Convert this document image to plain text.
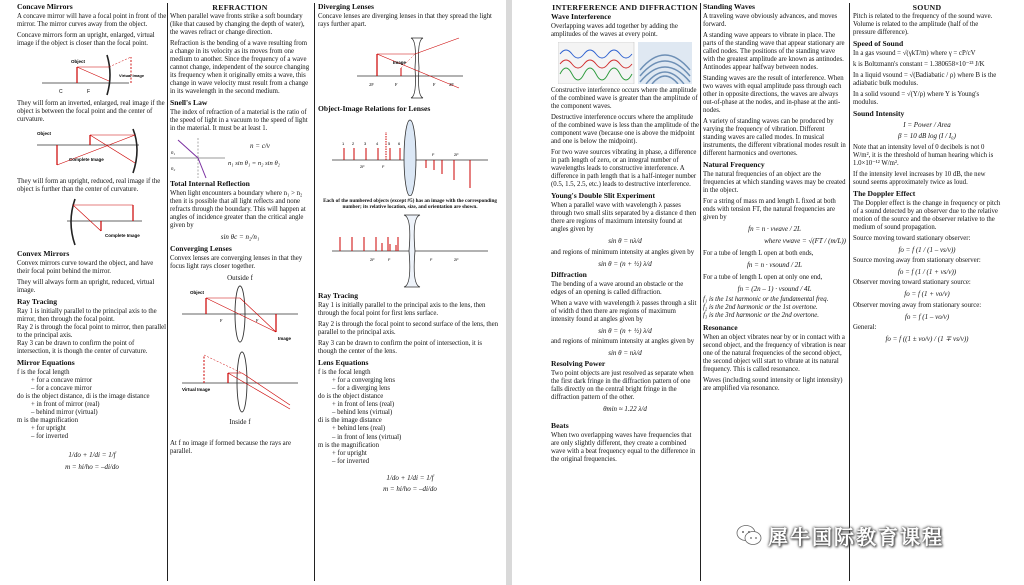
Concave Mirrors

A concave mirror will have a focal point in front of the mirror. The mirror curves away from the object.

Concave mirrors form an upright, enlarged, virtual image if the object is closer than the focal point.

C	F
Object
Virtual Image

They will form an inverted, enlarged, real image if the object is between the focal point and the center of curvature.

Object
Complete Image

They will form an upright, reduced, real image if the object is further than the center of curvature.

Complete Image
Convex Mirrors

Convex mirrors curve toward the object, and have their focal point behind the mirror.

They will always form an upright, reduced, virtual image.

Ray Tracing

Ray 1 is initially parallel to the principal axis to the mirror, then through the focal point.

Ray 2 is through the focal point to mirror, then parallel to the principal axis.

Ray 3 can be drawn to confirm the point of intersection, it is though the center of curvature.

Mirror Equations
f is the focal length
+ for a concave mirror
– for a concave mirror
do is the object distance, di is the image distance
+ in front of mirror (real)
– behind mirror (virtual)
m is the magnification
+ for upright
– for inverted
1/do + 1/di = 1/f
m = hi/ho = –di/do
REFRACTION

When parallel wave fronts strike a soft boundary (like that caused by changing the depth of water), the waves refract or change direction.

Refraction is the bending of a wave resulting from a change in its velocity as its moves from one medium to another. Since the frequency of a wave cannot change, independent of the source changing its frequency when it originally emits a wave, this change in wave velocity must result from a change in its wavelength in the second medium.

Snell's Law

The index of refraction of a material is the ratio of the speed of light in a vacuum to the speed of light in the material. It must be at least 1.

n₁
n₂
n = c/v
n₁ sin θ₁ = n₂ sin θ₂
Total Internal Reflection

When light encounters a boundary where n₁ > n₂ then it is possible that all light reflects and none refracts through the boundary. This will happen at angles of incidence greater than the critical angle given by

sin θc = n₂/n₁
Converging Lenses

Convex lenses are converging lenses in that they focus light rays closer together.

Outside f
F	F
Object
Image
Virtual Image
Inside f

At f no image if formed because the rays are parallel.

Diverging Lenses

Concave lenses are diverging lenses in that they spread the light rays further apart.

2F	F	F	2F
Image
Object-Image Relations for Lenses
1 2 3 4 5 6
2F	F
F	2F
Each of the numbered objects (except #5) has an image with the corresponding number; its relative location, size, and orientation are shown.
2F	F	F	2F
Ray Tracing

Ray 1 is initially parallel to the principal axis to the lens, then through the focal point for first lens surface.

Ray 2 is through the focal point to second surface of the lens, then parallel to the principal axis.

Ray 3 can be drawn to confirm the point of intersection, it is though the center of the lens.

Lens Equations
f is the focal length
+ for a converging lens
– for a diverging lens
do is the object distance
+ in front of lens (real)
– behind lens (virtual)
di is the image distance
+ behind lens (real)
– in front of lens (virtual)
m is the magnification
+ for upright
– for inverted
1/do + 1/di = 1/f
m = hi/ho = –di/do
INTERFERENCE AND DIFFRACTION
Wave Interference

Overlapping waves add together by adding the amplitudes of the waves at every point.

Constructive interference occurs where the amplitude of the combined wave is greater than the amplitude of the component waves.

Destructive interference occurs where the amplitude of the combined wave is less than the amplitude of the component wave (because one is above the midpoint and one is below the midpoint).

For two wave sources vibrating in phase, a difference in path length of zero, or an integral number of wavelengths leads to constructive interference. A difference in path length that is a half-integer number (0.5, 1.5, 2.5, etc.) leads to destructive interference.

Young's Double Slit Experiment

When a parallel wave with wavelength λ passes through two small slits separated by a distance d then there are regions of maximum intensity found at angles given by

sin θ = nλ/d

and regions of minimum intensity at angles given by

sin θ = (n + ½) λ/d
Diffraction

The bending of a wave around an obstacle or the edges of an opening is called diffraction.

When a wave with wavelength λ passes through a slit of width d then there are regions of maximum intensity found at angles given by

sin θ = (n + ½) λ/d

and regions of minimum intensity at angles given by

sin θ = nλ/d
Resolving Power

Two point objects are just resolved as separate when the first dark fringe in the diffraction pattern of one falls directly on the central bright fringe in the diffraction pattern of the other.

θmin ≈ 1.22 λ/d
Beats

When two overlapping waves have frequencies that are only slightly different, they create a combined wave with a beat frequency equal to the difference in the original frequencies.

Standing Waves

A traveling wave obviously advances, and moves forward.

A standing wave appears to vibrate in place. The parts of the standing wave that appear stationary are called nodes. The positions of the standing wave with the greatest amplitude are known as antinodes. Antinodes appear halfway between nodes.

Standing waves are the result of interference. When two waves with equal amplitude pass through each other in opposite directions, the waves are always out-of-phase at the nodes, and in-phase at the anti-nodes.

A variety of standing waves can be produced by varying the frequency of vibration. Different standing waves are called modes. In musical instruments, the different vibrational modes result in different harmonics and overtones.

Natural Frequency

The natural frequencies of an object are the frequencies at which standing waves may be created in the object.

For a string of mass m and length L fixed at both ends with tension FT, the natural frequencies are given by

fn = n · vwave / 2L
where vwave = √(FT / (m/L))

For a tube of length L open at both ends,

fn = n · vsound / 2L

For a tube of length L open at only one end,

fn = (2n – 1) · vsound / 4L
f₁ is the 1st harmonic or the fundamental freq.
f₂ is the 2nd harmonic or the 1st overtone.
f₃ is the 3rd harmonic or the 2nd overtone.
Resonance

When an object vibrates near by or in contact with a second object, and the frequency of vibration is near one of the natural frequencies of the second object, the second object will start to vibrate at its natural frequency. This is called resonance.

Waves (including sound intensity or light intensity) are amplified via resonance.

SOUND

Pitch is related to the frequency of the sound wave. Volume is related to the amplitude (half of the pressure difference).

Speed of Sound

In a gas vsound = √(γkT/m) where γ = cP/cV

k is Boltzmann's constant = 1.380658×10⁻²³ J/K

In a liquid vsound = √(Badiabatic / ρ) where B is the adiabatic bulk modulus.

In a solid vsound = √(Y/ρ) where Y is Young's modulus.

Sound Intensity
I = Power / Area
β = 10 dB log (I / I₀)

Note that an intensity level of 0 decibels is not 0 W/m², it is the threshold of human hearing which is 1.0×10⁻¹² W/m².

If the intensity level increases by 10 dB, the new sound seems approximately twice as loud.

The Doppler Effect

The Doppler effect is the change in frequency or pitch of a sound detected by an observer due to the relative motion of the source and the observer relative to the medium of sound propagation.

Source moving toward stationary observer:

fo = f (1 / (1 – vs/v))

Source moving away from stationary observer:

fo = f (1 / (1 + vs/v))

Observer moving toward stationary source:

fo = f (1 + vo/v)

Observer moving away from stationary source:

fo = f (1 – vo/v)

General:

fo = f ((1 ± vo/v) / (1 ∓ vs/v))
犀牛国际教育课程
